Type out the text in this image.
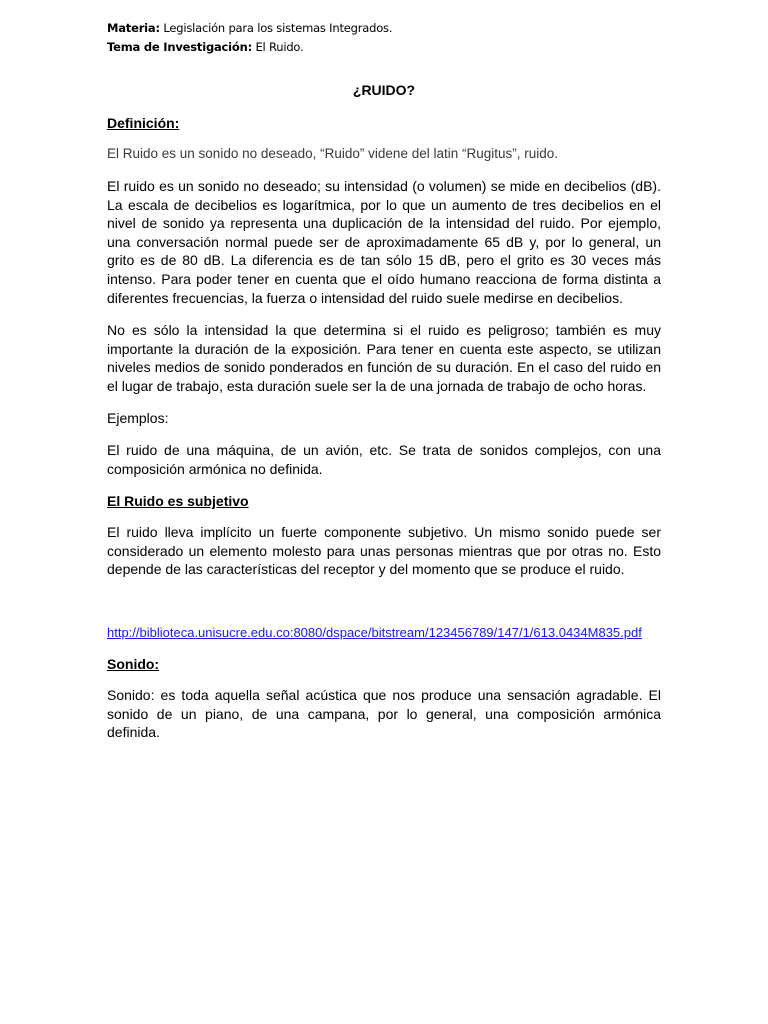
Materia: Legislación para los sistemas Integrados.
Tema de Investigación: El Ruido.
¿RUIDO?
Definición:
El Ruido es un sonido no deseado, “Ruido” videne del latin “Rugitus”, ruido.
El ruido es un sonido no deseado; su intensidad (o volumen) se mide en decibelios (dB). La escala de decibelios es logarítmica, por lo que un aumento de tres decibelios en el nivel de sonido ya representa una duplicación de la intensidad del ruido. Por ejemplo, una conversación normal puede ser de aproximadamente 65 dB y, por lo general, un grito es de 80 dB. La diferencia es de tan sólo 15 dB, pero el grito es 30 veces más intenso. Para poder tener en cuenta que el oído humano reacciona de forma distinta a diferentes frecuencias, la fuerza o intensidad del ruido suele medirse en decibelios.
No es sólo la intensidad la que determina si el ruido es peligroso; también es muy importante la duración de la exposición. Para tener en cuenta este aspecto, se utilizan niveles medios de sonido ponderados en función de su duración. En el caso del ruido en el lugar de trabajo, esta duración suele ser la de una jornada de trabajo de ocho horas.
Ejemplos:
El ruido de una máquina, de un avión, etc. Se trata de sonidos complejos, con una composición armónica no definida.
El Ruido es subjetivo
El ruido lleva implícito un fuerte componente subjetivo. Un mismo sonido puede ser considerado un elemento molesto para unas personas mientras que por otras no. Esto depende de las características del receptor y del momento que se produce el ruido.
http://biblioteca.unisucre.edu.co:8080/dspace/bitstream/123456789/147/1/613.0434M835.pdf
Sonido:
Sonido: es toda aquella señal acústica que nos produce una sensación agradable. El sonido de un piano, de una campana, por lo general, una composición armónica definida.
